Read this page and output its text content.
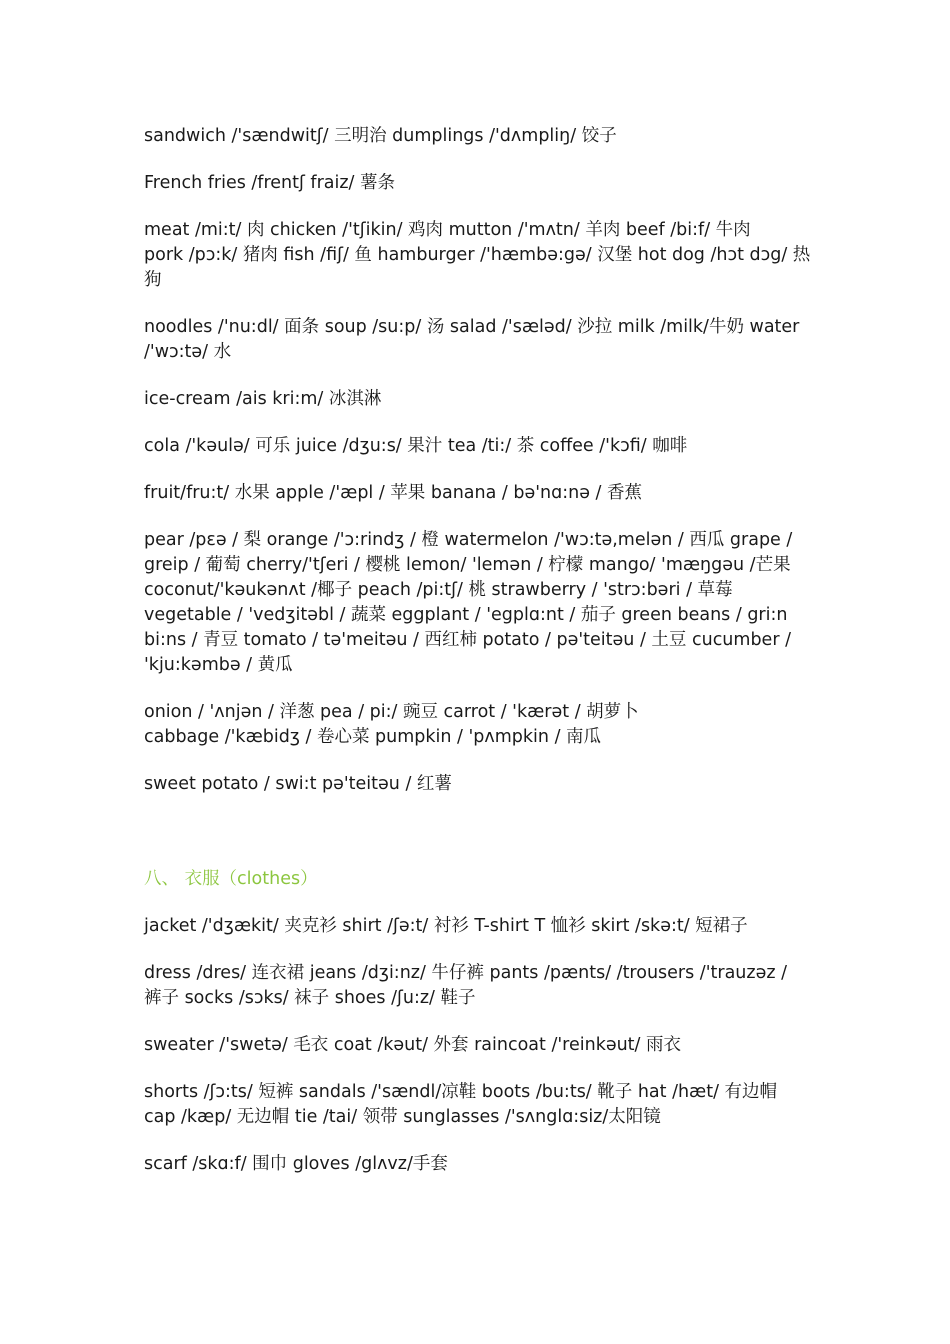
sandwich /'sændwitʃ/ 三明治 dumplings /'dʌmpliŋ/ 饺子
French fries /frentʃ fraiz/ 薯条
meat /mi:t/ 肉 chicken /'tʃikin/ 鸡肉 mutton /'mʌtn/ 羊肉 beef /bi:f/ 牛肉
pork /pɔ:k/ 猪肉 fish /fiʃ/ 鱼 hamburger /'hæmbə:gə/ 汉堡 hot dog /hɔt dɔg/ 热
狗
noodles /'nu:dl/ 面条 soup /su:p/ 汤 salad /'sæləd/ 沙拉 milk /milk/牛奶 water
/'wɔ:tə/ 水
ice-cream /ais kri:m/ 冰淇淋
cola /'kəulə/ 可乐 juice /dʒu:s/ 果汁 tea /ti:/ 茶 coffee /'kɔfi/ 咖啡
fruit/fru:t/ 水果 apple /'æpl / 苹果 banana / bə'nɑ:nə / 香蕉
pear /pɛə / 梨 orange /'ɔ:rindʒ / 橙 watermelon /'wɔ:tə,melən / 西瓜 grape /
greip / 葡萄 cherry/'tʃeri / 樱桃 lemon/ 'lemən / 柠檬 mango/ 'mæŋgəu /芒果
coconut/'kəukənʌt /椰子 peach /pi:tʃ/ 桃 strawberry / 'strɔ:bəri / 草莓
vegetable / 'vedʒitəbl / 蔬菜 eggplant / 'egplɑ:nt / 茄子 green beans / gri:n
bi:ns / 青豆 tomato / tə'meitəu / 西红柿 potato / pə'teitəu / 土豆 cucumber /
'kju:kəmbə / 黄瓜
onion / 'ʌnjən / 洋葱 pea / pi:/ 豌豆 carrot / 'kærət / 胡萝卜
cabbage /'kæbidʒ / 卷心菜 pumpkin / 'pʌmpkin / 南瓜
sweet potato / swi:t pə'teitəu / 红薯
八、 衣服（clothes）
jacket /'dʒækit/ 夹克衫 shirt /ʃə:t/ 衬衫 T-shirt T 恤衫 skirt /skə:t/ 短裙子
dress /dres/ 连衣裙 jeans /dʒi:nz/ 牛仔裤 pants /pænts/ /trousers /'trauzəz /
裤子 socks /sɔks/ 袜子 shoes /ʃu:z/ 鞋子
sweater /'swetə/ 毛衣 coat /kəut/ 外套 raincoat /'reinkəut/ 雨衣
shorts /ʃɔ:ts/ 短裤 sandals /'sændl/凉鞋 boots /bu:ts/ 靴子 hat /hæt/ 有边帽
cap /kæp/ 无边帽 tie /tai/ 领带 sunglasses /'sʌnglɑ:siz/太阳镜
scarf /skɑ:f/ 围巾 gloves /glʌvz/手套
